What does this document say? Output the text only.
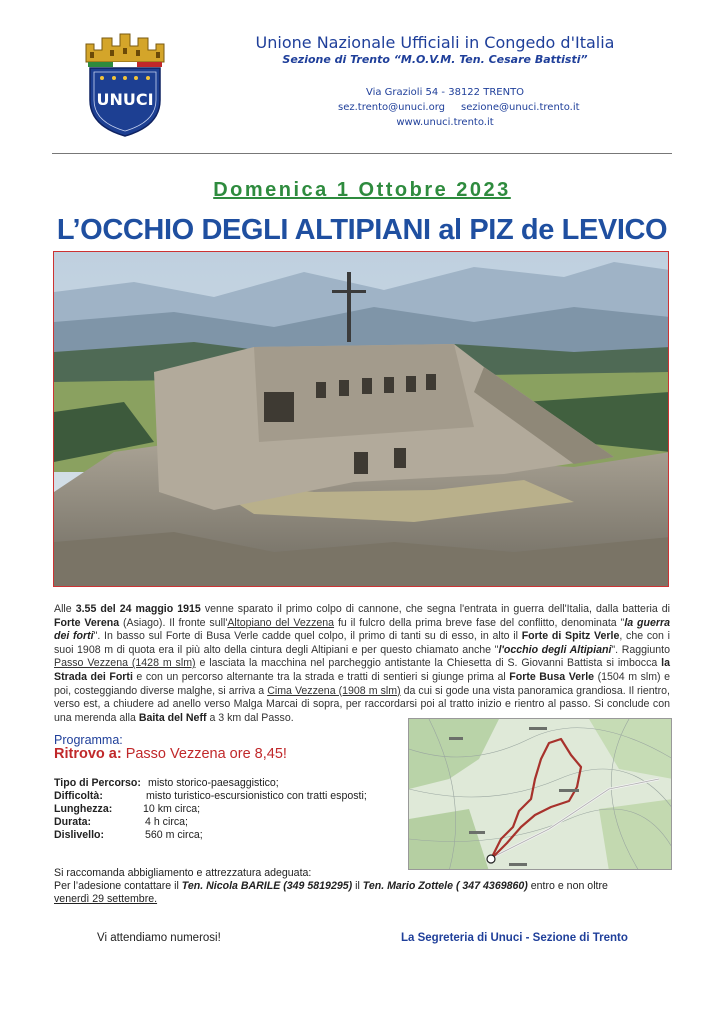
UNUCI
Unione Nazionale Ufficiali in Congedo d'Italia
Sezione di Trento “M.O.V.M. Ten. Cesare Battisti”
Via Grazioli 54 - 38122 TRENTO
sez.trento@unuci.org sezione@unuci.trento.it
www.unuci.trento.it
Domenica 1 Ottobre 2023
L’OCCHIO DEGLI ALTIPIANI al PIZ de LEVICO
Alle 3.55 del 24 maggio 1915 venne sparato il primo colpo di cannone, che segna l'entrata in guerra dell'Italia, dalla batteria di Forte Verena (Asiago). Il fronte sull'Altopiano del Vezzena fu il fulcro della prima breve fase del conflitto, denominata "la guerra dei forti". In basso sul Forte di Busa Verle cadde quel colpo, il primo di tanti su di esso, in alto il Forte di Spitz Verle, che con i suoi 1908 m di quota era il più alto della cintura degli Altipiani e per questo chiamato anche "l'occhio degli Altipiani". Raggiunto Passo Vezzena (1428 m slm) e lasciata la macchina nel parcheggio antistante la Chiesetta di S. Giovanni Battista si imbocca la Strada dei Forti e con un percorso alternante tra la strada e tratti di sentieri si giunge prima al Forte Busa Verle (1504 m slm) e poi, costeggiando diverse malghe, si arriva a Cima Vezzena (1908 m slm) da cui si gode una vista panoramica grandiosa. Il rientro, verso est, a chiudere ad anello verso Malga Marcai di sopra, per raccordarsi poi al tratto inizio e rientro al passo. Si conclude con una merenda alla Baita del Neff a 3 km dal Passo.
Programma:
Ritrovo a: Passo Vezzena ore 8,45!
Tipo di Percorso: misto storico-paesaggistico;
Difficoltà:	misto turistico-escursionistico con tratti esposti;
Lunghezza:	10 km circa;
Durata:	4 h circa;
Dislivello:	560 m circa;
Si raccomanda abbigliamento e attrezzatura adeguata:
Per l’adesione contattare il Ten. Nicola BARILE (349 5819295) il Ten. Mario Zottele ( 347 4369860) entro e non oltre
venerdì 29 settembre.
Vi attendiamo numerosi!	La Segreteria di Unuci - Sezione di Trento
